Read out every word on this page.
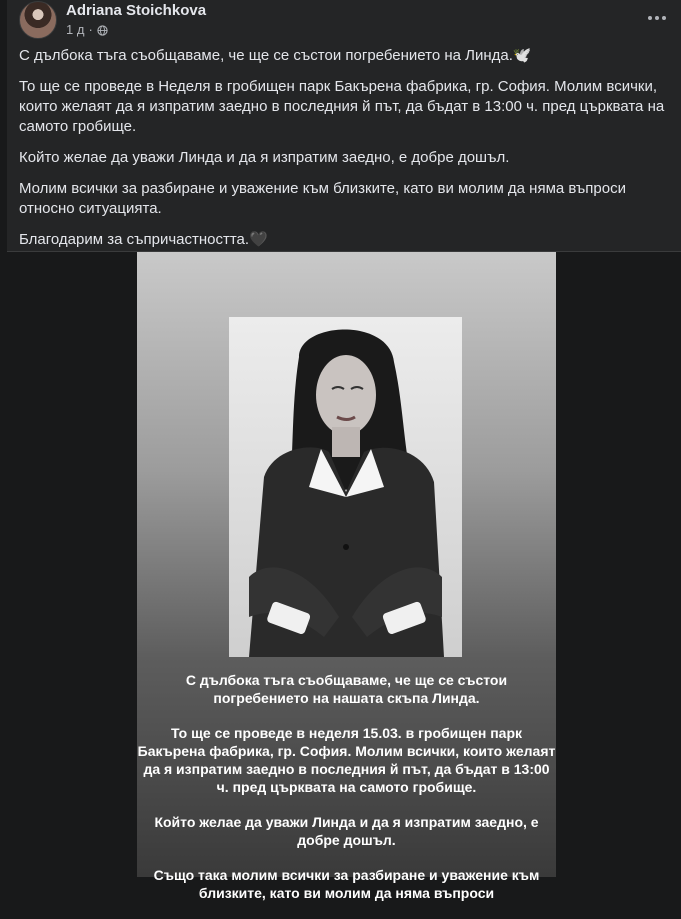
Adriana Stoichkova
1 д ·

С дълбока тъга съобщаваме, че ще се състои погребението на Линда.🕊️

То ще се проведе в Неделя в гробищен парк Бакърена фабрика, гр. София. Молим всички, които желаят да я изпратим заедно в последния й път, да бъдат в 13:00 ч. пред църквата на самото гробище.

Който желае да уважи Линда и да я изпратим заедно, е добре дошъл.

Молим всички за разбиране и уважение към близките, като ви молим да няма въпроси относно ситуацията.

Благодарим за съпричастността.🖤

С дълбока тъга съобщаваме, че ще се състои погребението на нашата скъпа Линда.

То ще се проведе в неделя 15.03. в гробищен парк Бакърена фабрика, гр. София. Молим всички, които желаят да я изпратим заедно в последния й път, да бъдат в 13:00 ч. пред църквата на самото гробище.

Който желае да уважи Линда и да я изпратим заедно, е добре дошъл.

Също така молим всички за разбиране и уважение към близките, като ви молим да няма въпроси
